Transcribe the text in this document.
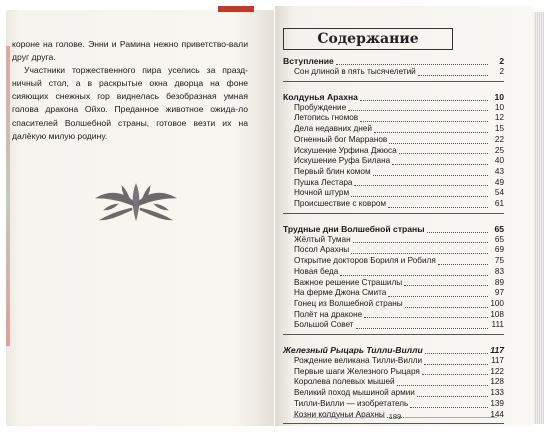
короне на голове. Энни и Рамина нежно приветство-вали друг друга.

Участники торжественного пира уселись за празд-ничный стол, а в раскрытые окна дворца на фоне сияющих снежных гор виднелась безобразная умная голова дракона Ойхо. Преданное животное ожида-ло спасителей Волшебной страны, готовое везти их на далёкую милую родину.

Содержание
Вступление	2
Сон длиной в пять тысячелетий	2
Колдунья Арахна	10
Пробуждение	10
Летопись гномов	12
Дела недавних дней	15
Огненный бог Марранов	22
Искушение Урфина Джюса	25
Искушение Руфа Билана	40
Первый блин комом	43
Пушка Лестара	49
Ночной штурм	54
Происшествие с ковром	61
Трудные дни Волшебной страны	65
Жёлтый Туман	65
Посол Арахны	69
Открытие докторов Бориля и Робиля	75
Новая беда	83
Важное решение Страшилы	89
На ферме Джона Смита	97
Гонец из Волшебной страны	100
Полёт на драконе	108
Большой Совет	111
Железный Рыцарь Тилли-Вилли	117
Рождение великана Тилли-Вилли	117
Первые шаги Железного Рыцаря	122
Королева полевых мышей	128
Великий поход мышиной армии	133
Тилли-Вилли — изобретатель	139
Козни колдуньи Арахны	144
189
